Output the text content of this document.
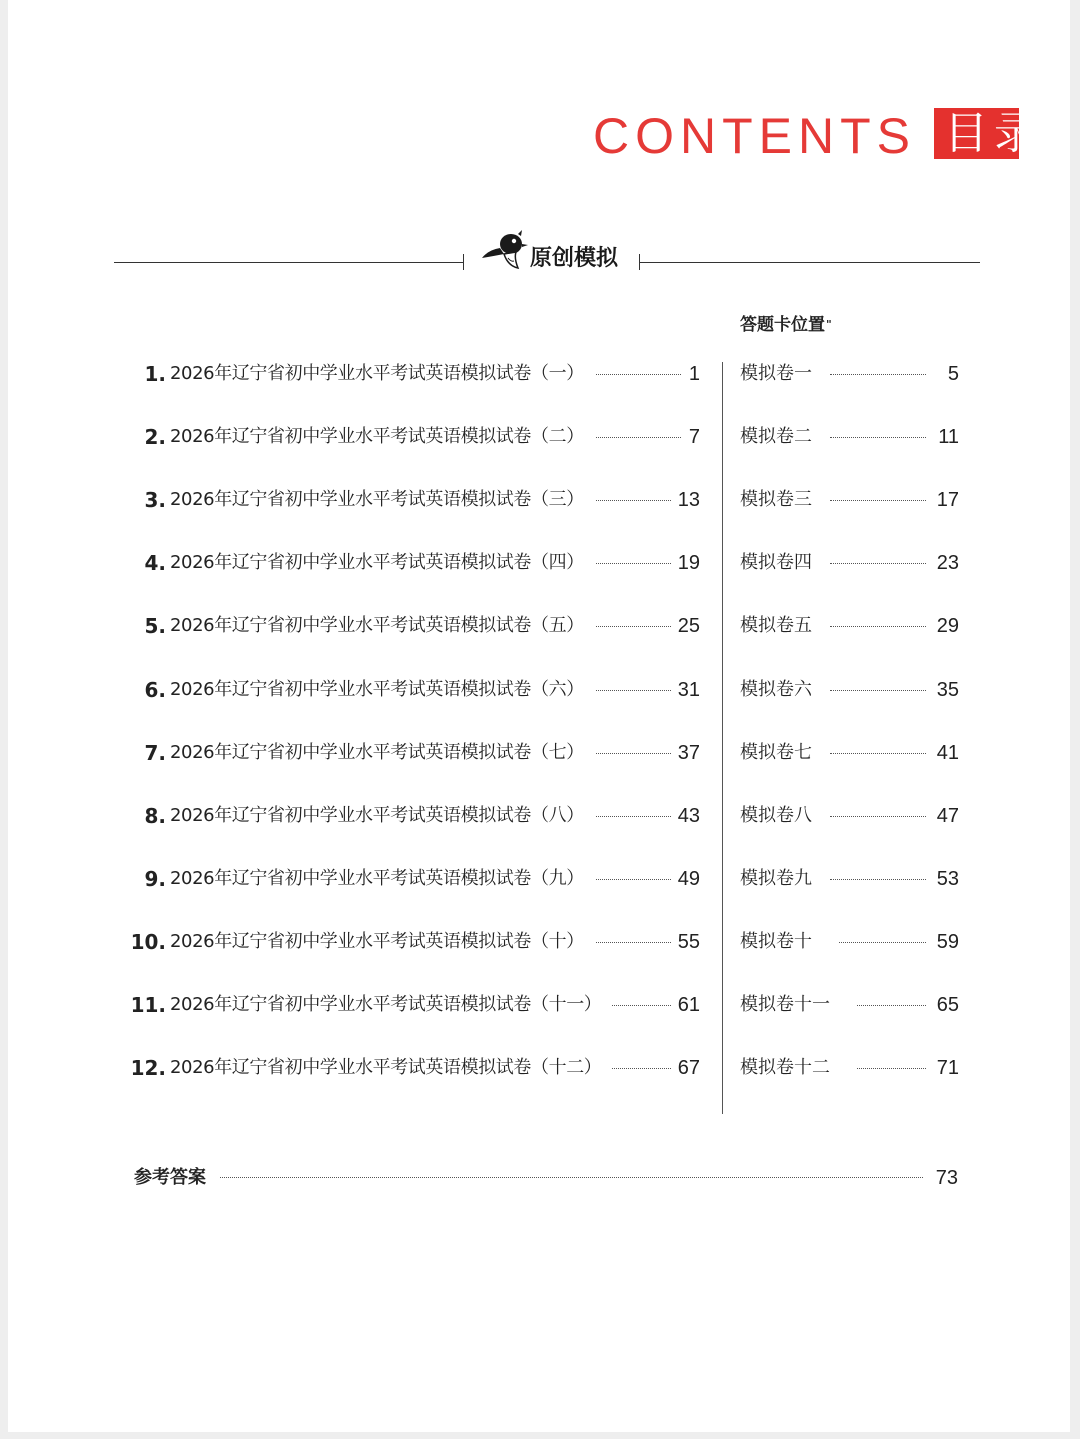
CONTENTS 目录
原创模拟
答题卡位置"
1. 2026年辽宁省初中学业水平考试英语模拟试卷（一）	1 模拟卷一	5
2. 2026年辽宁省初中学业水平考试英语模拟试卷（二）	7 模拟卷二	11
3. 2026年辽宁省初中学业水平考试英语模拟试卷（三）	13 模拟卷三	17
4. 2026年辽宁省初中学业水平考试英语模拟试卷（四）	19 模拟卷四	23
5. 2026年辽宁省初中学业水平考试英语模拟试卷（五）	25 模拟卷五	29
6. 2026年辽宁省初中学业水平考试英语模拟试卷（六）	31 模拟卷六	35
7. 2026年辽宁省初中学业水平考试英语模拟试卷（七）	37 模拟卷七	41
8. 2026年辽宁省初中学业水平考试英语模拟试卷（八）	43 模拟卷八	47
9. 2026年辽宁省初中学业水平考试英语模拟试卷（九）	49 模拟卷九	53
10. 2026年辽宁省初中学业水平考试英语模拟试卷（十）	55 模拟卷十	59
11. 2026年辽宁省初中学业水平考试英语模拟试卷（十一）	61 模拟卷十一	65
12. 2026年辽宁省初中学业水平考试英语模拟试卷（十二）	67 模拟卷十二	71
参考答案	73
